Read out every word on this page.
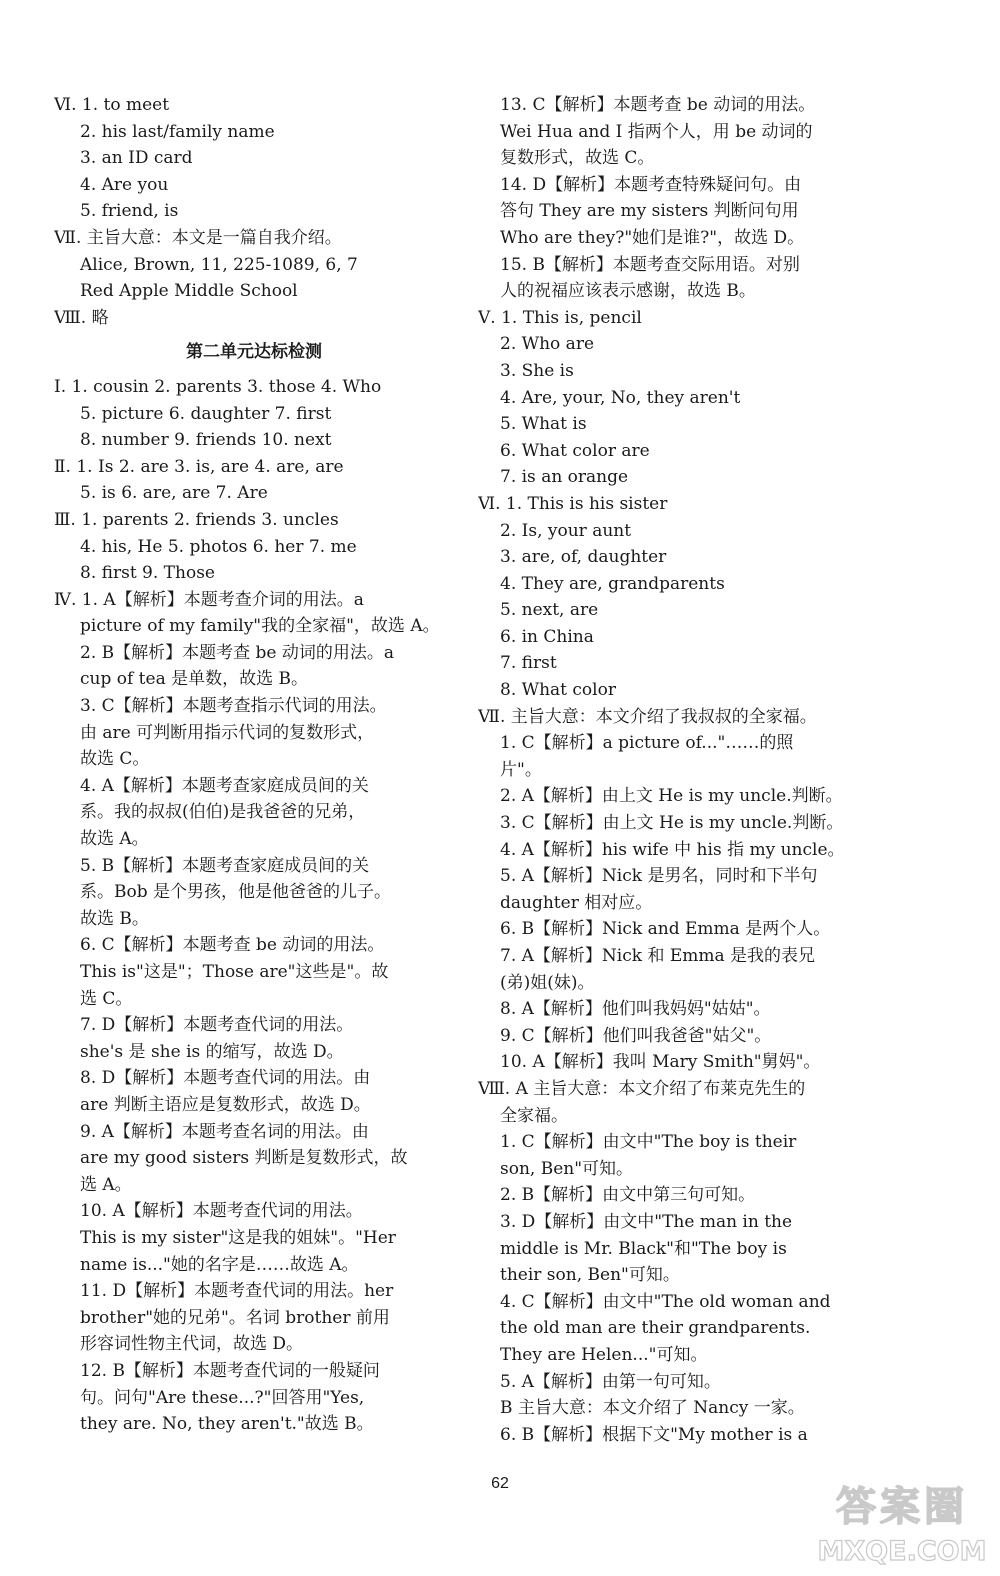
Ⅵ. 1. to meet
2. his last/family name
3. an ID card
4. Are you
5. friend, is
Ⅶ. 主旨大意：本文是一篇自我介绍。
Alice, Brown, 11, 225-1089, 6, 7
Red Apple Middle School
Ⅷ. 略
第二单元达标检测
Ⅰ. 1. cousin 2. parents 3. those 4. Who
5. picture 6. daughter 7. first
8. number 9. friends 10. next
Ⅱ. 1. Is 2. are 3. is, are 4. are, are
5. is 6. are, are 7. Are
Ⅲ. 1. parents 2. friends 3. uncles
4. his, He 5. photos 6. her 7. me
8. first 9. Those
Ⅳ. 1. A【解析】本题考查介词的用法。a
picture of my family"我的全家福"，故选 A。
2. B【解析】本题考查 be 动词的用法。a
cup of tea 是单数，故选 B。
3. C【解析】本题考查指示代词的用法。
由 are 可判断用指示代词的复数形式，
故选 C。
4. A【解析】本题考查家庭成员间的关
系。我的叔叔(伯伯)是我爸爸的兄弟，
故选 A。
5. B【解析】本题考查家庭成员间的关
系。Bob 是个男孩，他是他爸爸的儿子。
故选 B。
6. C【解析】本题考查 be 动词的用法。
This is"这是"；Those are"这些是"。故
选 C。
7. D【解析】本题考查代词的用法。
she's 是 she is 的缩写，故选 D。
8. D【解析】本题考查代词的用法。由
are 判断主语应是复数形式，故选 D。
9. A【解析】本题考查名词的用法。由
are my good sisters 判断是复数形式，故
选 A。
10. A【解析】本题考查代词的用法。
This is my sister"这是我的姐妹"。"Her
name is..."她的名字是……故选 A。
11. D【解析】本题考查代词的用法。her
brother"她的兄弟"。名词 brother 前用
形容词性物主代词，故选 D。
12. B【解析】本题考查代词的一般疑问
句。问句"Are these...?"回答用"Yes,
they are. No, they aren't."故选 B。
13. C【解析】本题考查 be 动词的用法。
Wei Hua and I 指两个人，用 be 动词的
复数形式，故选 C。
14. D【解析】本题考查特殊疑问句。由
答句 They are my sisters 判断问句用
Who are they?"她们是谁?"，故选 D。
15. B【解析】本题考查交际用语。对别
人的祝福应该表示感谢，故选 B。
Ⅴ. 1. This is, pencil
2. Who are
3. She is
4. Are, your, No, they aren't
5. What is
6. What color are
7. is an orange
Ⅵ. 1. This is his sister
2. Is, your aunt
3. are, of, daughter
4. They are, grandparents
5. next, are
6. in China
7. first
8. What color
Ⅶ. 主旨大意：本文介绍了我叔叔的全家福。
1. C【解析】a picture of..."……的照
片"。
2. A【解析】由上文 He is my uncle.判断。
3. C【解析】由上文 He is my uncle.判断。
4. A【解析】his wife 中 his 指 my uncle。
5. A【解析】Nick 是男名，同时和下半句
daughter 相对应。
6. B【解析】Nick and Emma 是两个人。
7. A【解析】Nick 和 Emma 是我的表兄
(弟)姐(妹)。
8. A【解析】他们叫我妈妈"姑姑"。
9. C【解析】他们叫我爸爸"姑父"。
10. A【解析】我叫 Mary Smith"舅妈"。
Ⅷ. A 主旨大意：本文介绍了布莱克先生的
全家福。
1. C【解析】由文中"The boy is their
son, Ben"可知。
2. B【解析】由文中第三句可知。
3. D【解析】由文中"The man in the
middle is Mr. Black"和"The boy is
their son, Ben"可知。
4. C【解析】由文中"The old woman and
the old man are their grandparents.
They are Helen..."可知。
5. A【解析】由第一句可知。
B 主旨大意：本文介绍了 Nancy 一家。
6. B【解析】根据下文"My mother is a
62
答案圈
MXQE.COM
